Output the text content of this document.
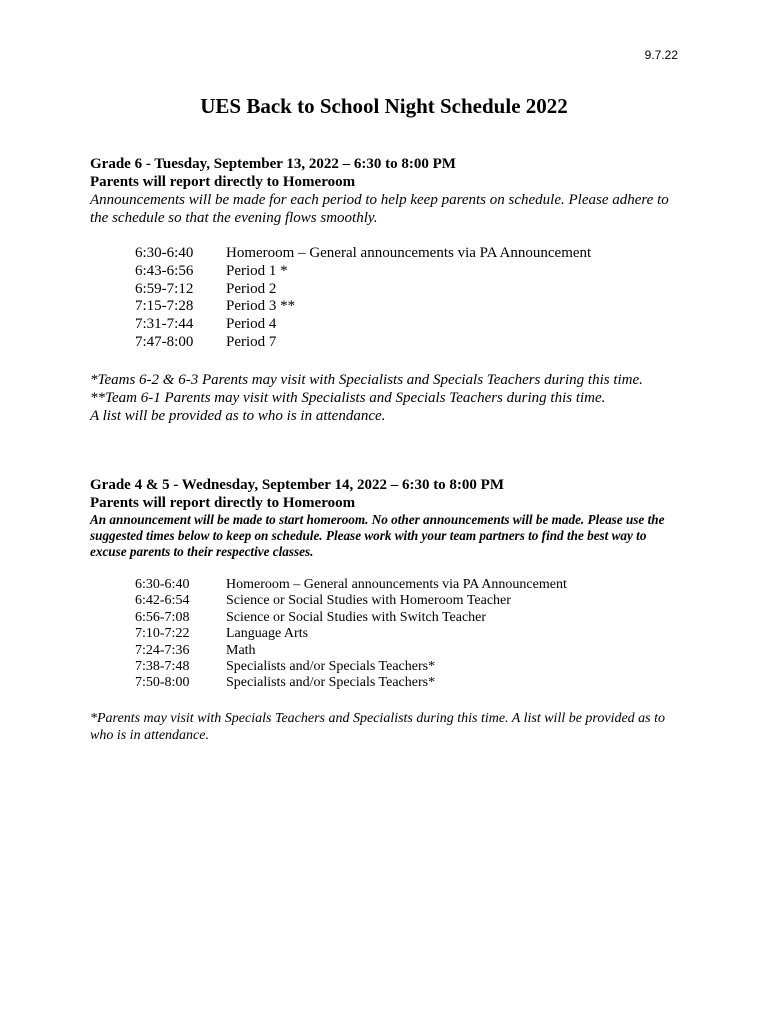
9.7.22
UES Back to School Night Schedule 2022
Grade 6 - Tuesday, September 13, 2022 – 6:30 to 8:00 PM
Parents will report directly to Homeroom
Announcements will be made for each period to help keep parents on schedule. Please adhere to the schedule so that the evening flows smoothly.
6:30-6:40	Homeroom – General announcements via PA Announcement
6:43-6:56	Period 1 *
6:59-7:12	Period 2
7:15-7:28	Period 3 **
7:31-7:44	Period 4
7:47-8:00	Period 7
*Teams 6-2 & 6-3 Parents may visit with Specialists and Specials Teachers during this time.
**Team 6-1 Parents may visit with Specialists and Specials Teachers during this time.
A list will be provided as to who is in attendance.
Grade 4 & 5 - Wednesday, September 14, 2022 – 6:30 to 8:00 PM
Parents will report directly to Homeroom
An announcement will be made to start homeroom. No other announcements will be made. Please use the suggested times below to keep on schedule. Please work with your team partners to find the best way to excuse parents to their respective classes.
6:30-6:40	Homeroom – General announcements via PA Announcement
6:42-6:54	Science or Social Studies with Homeroom Teacher
6:56-7:08	Science or Social Studies with Switch Teacher
7:10-7:22	Language Arts
7:24-7:36	Math
7:38-7:48	Specialists and/or Specials Teachers*
7:50-8:00	Specialists and/or Specials Teachers*
*Parents may visit with Specials Teachers and Specialists during this time. A list will be provided as to who is in attendance.
